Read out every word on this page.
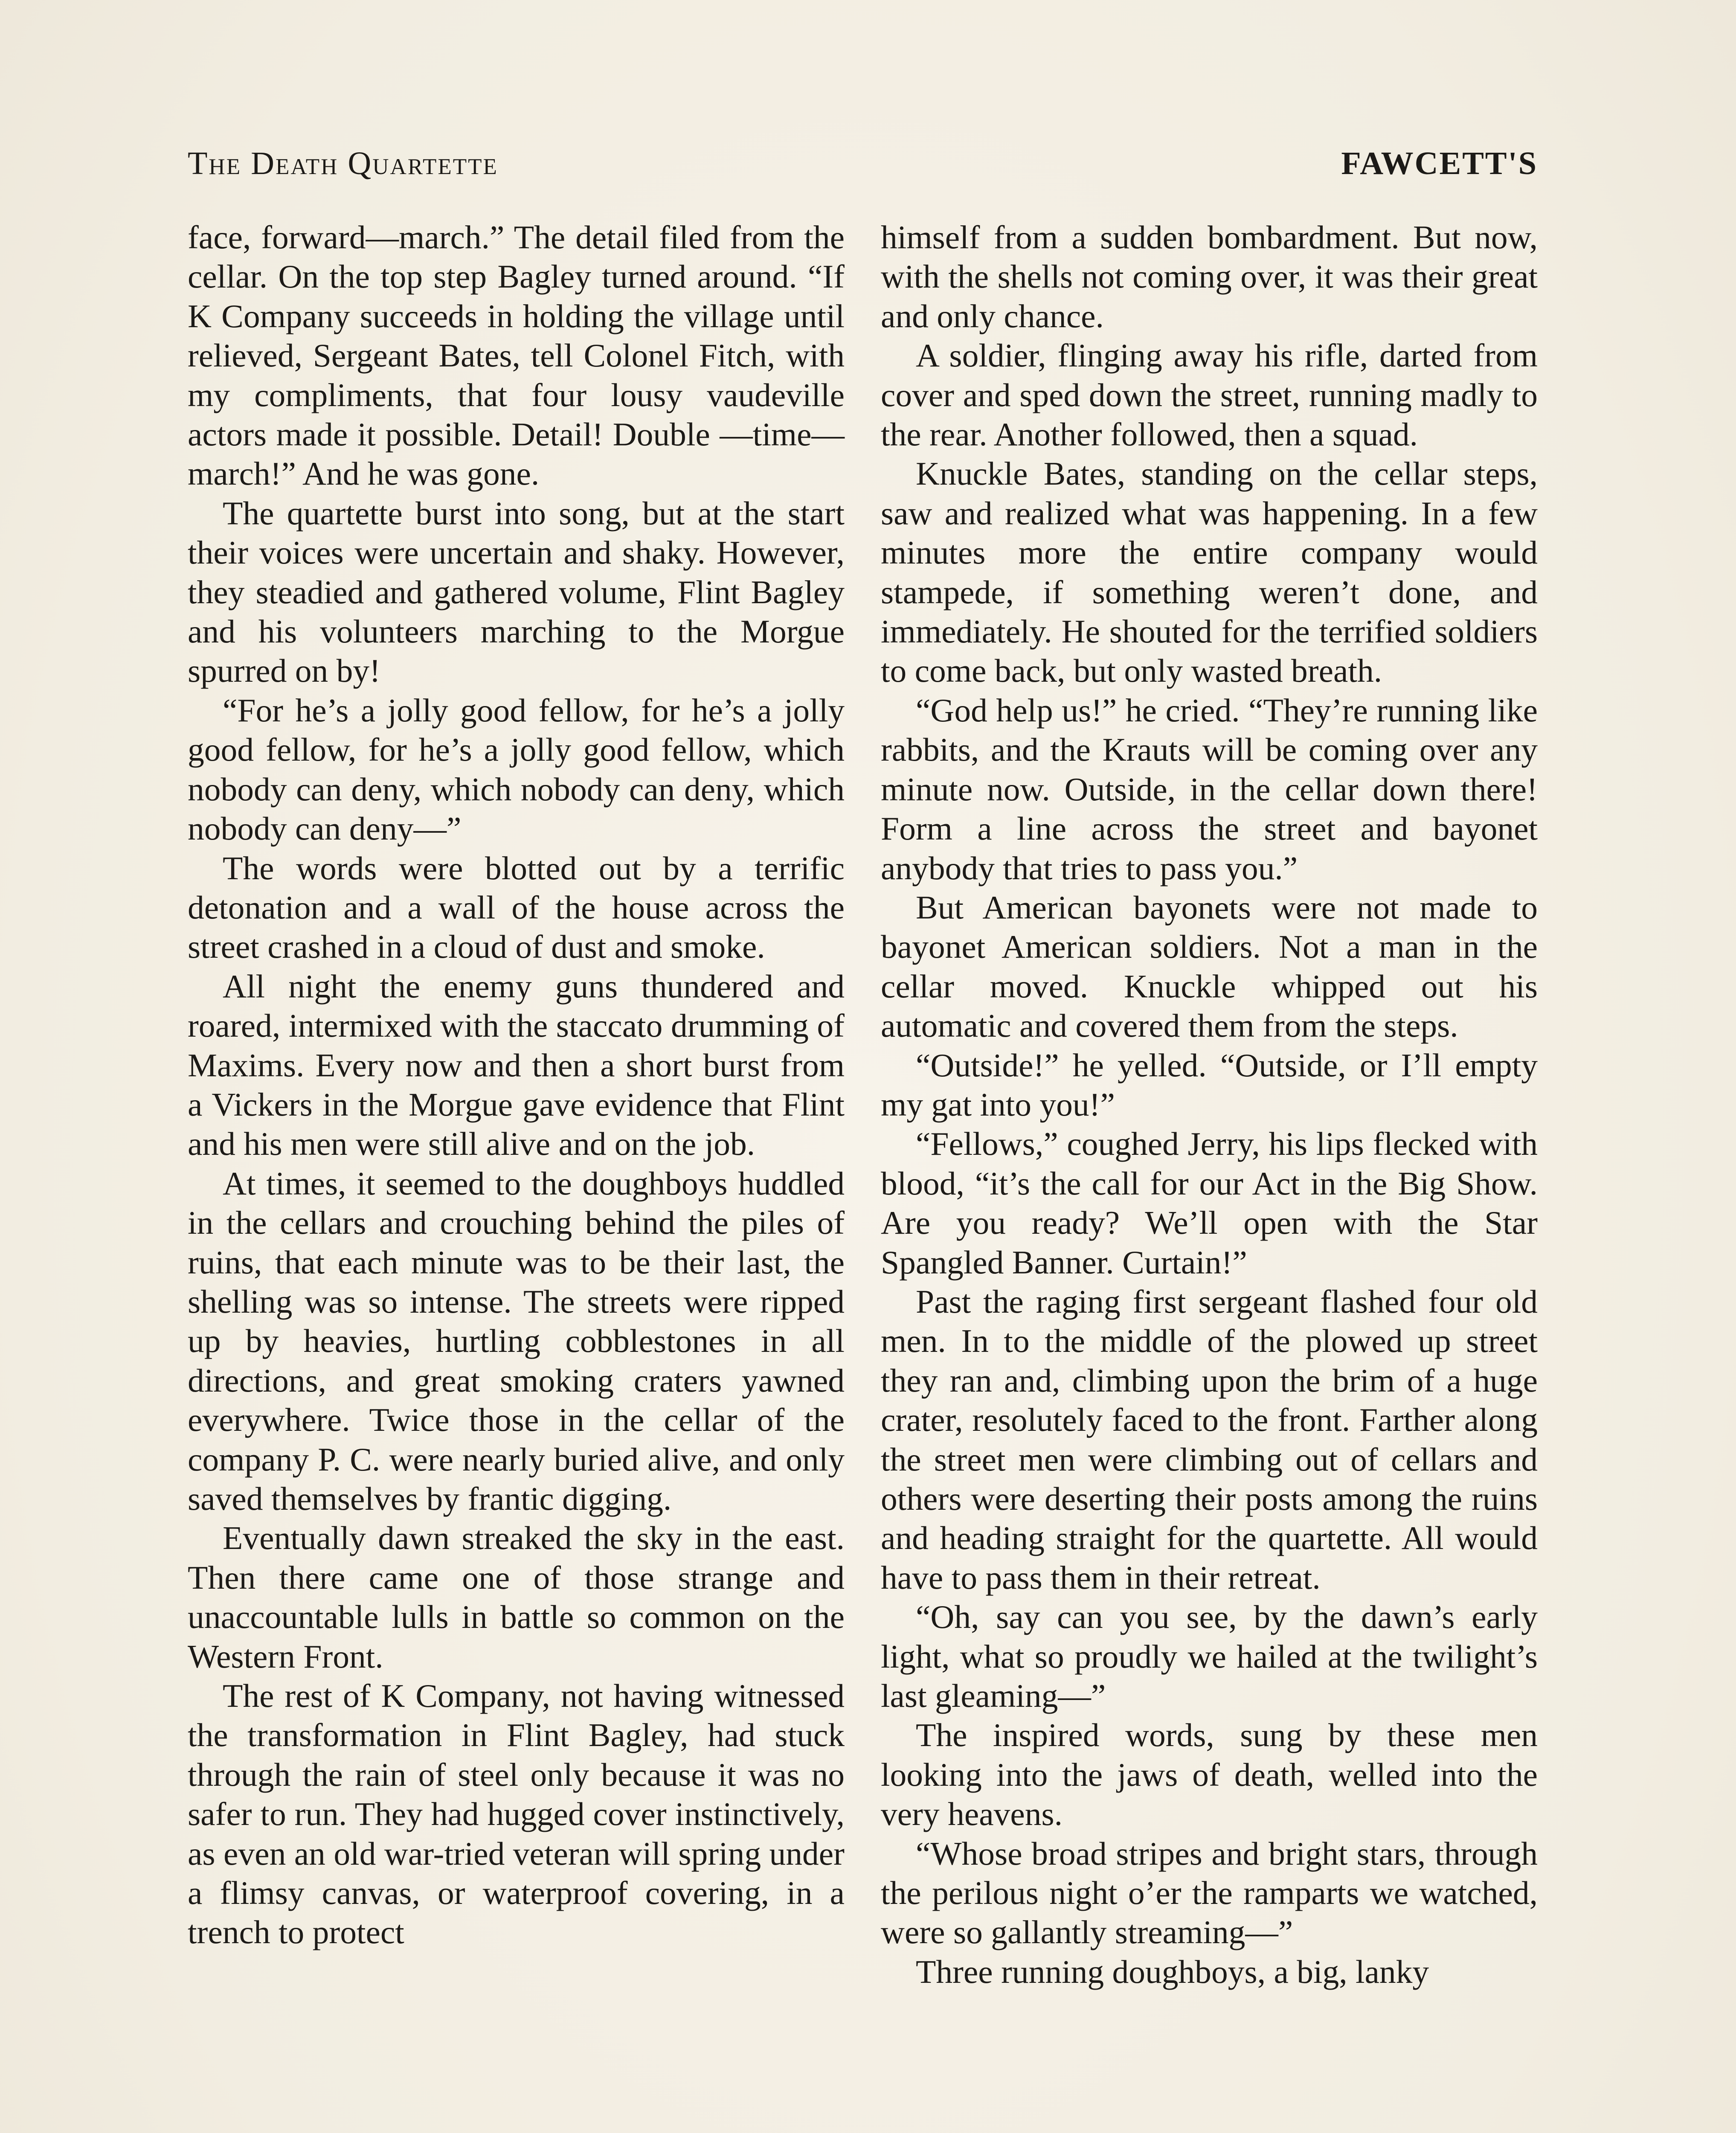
The Death Quartette	FAWCETT'S

face, forward—march.” The detail filed from the cellar. On the top step Bagley turned around. “If K Company succeeds in holding the village until relieved, Sergeant Bates, tell Colonel Fitch, with my compliments, that four lousy vaudeville actors made it possible. Detail! Double —time—march!” And he was gone.

The quartette burst into song, but at the start their voices were uncertain and shaky. However, they steadied and gathered volume, Flint Bagley and his volunteers marching to the Morgue spurred on by!

“For he’s a jolly good fellow, for he’s a jolly good fellow, for he’s a jolly good fellow, which nobody can deny, which nobody can deny, which nobody can deny—”

The words were blotted out by a terrific detonation and a wall of the house across the street crashed in a cloud of dust and smoke.

All night the enemy guns thundered and roared, intermixed with the staccato drumming of Maxims. Every now and then a short burst from a Vickers in the Morgue gave evidence that Flint and his men were still alive and on the job.

At times, it seemed to the doughboys huddled in the cellars and crouching behind the piles of ruins, that each minute was to be their last, the shelling was so intense. The streets were ripped up by heavies, hurtling cobblestones in all directions, and great smoking craters yawned everywhere. Twice those in the cellar of the company P. C. were nearly buried alive, and only saved themselves by frantic digging.

Eventually dawn streaked the sky in the east. Then there came one of those strange and unaccountable lulls in battle so common on the Western Front.

The rest of K Company, not having witnessed the transformation in Flint Bagley, had stuck through the rain of steel only because it was no safer to run. They had hugged cover instinctively, as even an old war-tried veteran will spring under a flimsy canvas, or waterproof covering, in a trench to protect

himself from a sudden bombardment. But now, with the shells not coming over, it was their great and only chance.

A soldier, flinging away his rifle, darted from cover and sped down the street, running madly to the rear. Another followed, then a squad.

Knuckle Bates, standing on the cellar steps, saw and realized what was happening. In a few minutes more the entire company would stampede, if something weren’t done, and immediately. He shouted for the terrified soldiers to come back, but only wasted breath.

“God help us!” he cried. “They’re running like rabbits, and the Krauts will be coming over any minute now. Outside, in the cellar down there! Form a line across the street and bayonet anybody that tries to pass you.”

But American bayonets were not made to bayonet American soldiers. Not a man in the cellar moved. Knuckle whipped out his automatic and covered them from the steps.

“Outside!” he yelled. “Outside, or I’ll empty my gat into you!”

“Fellows,” coughed Jerry, his lips flecked with blood, “it’s the call for our Act in the Big Show. Are you ready? We’ll open with the Star Spangled Banner. Curtain!”

Past the raging first sergeant flashed four old men. In to the middle of the plowed up street they ran and, climbing upon the brim of a huge crater, resolutely faced to the front. Farther along the street men were climbing out of cellars and others were deserting their posts among the ruins and heading straight for the quartette. All would have to pass them in their retreat.

“Oh, say can you see, by the dawn’s early light, what so proudly we hailed at the twilight’s last gleaming—”

The inspired words, sung by these men looking into the jaws of death, welled into the very heavens.

“Whose broad stripes and bright stars, through the perilous night o’er the ramparts we watched, were so gallantly streaming—”

Three running doughboys, a big, lanky
